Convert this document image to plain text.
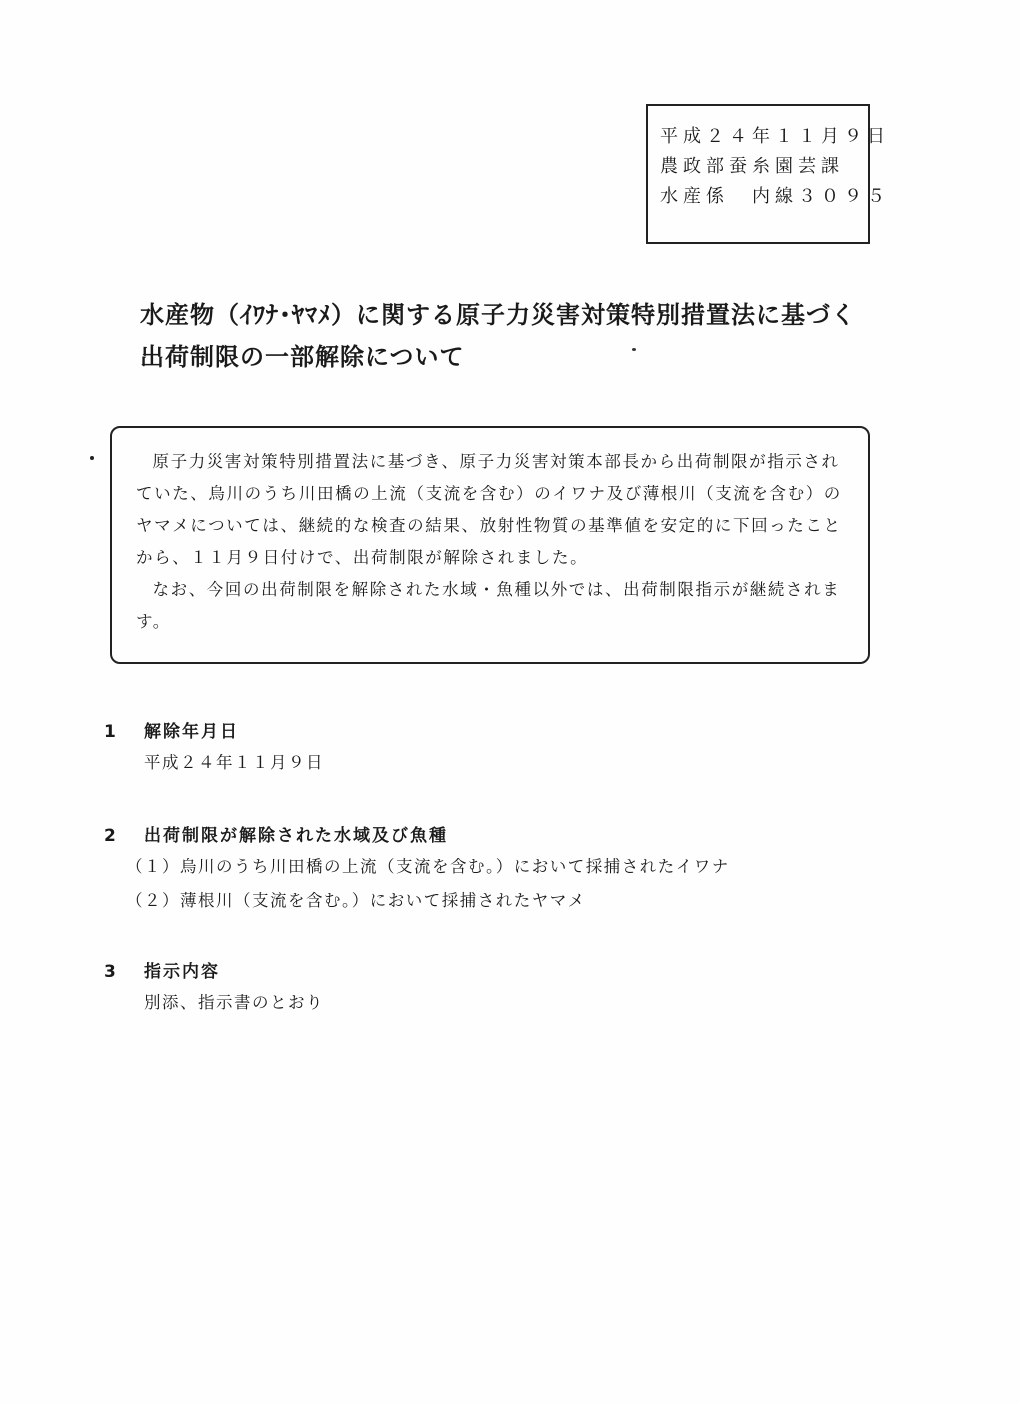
平成２４年１１月９日
農政部蚕糸園芸課
水産係　内線３０９５
水産物（ｲﾜﾅ･ﾔﾏﾒ）に関する原子力災害対策特別措置法に基づく
出荷制限の一部解除について

原子力災害対策特別措置法に基づき、原子力災害対策本部長から出荷制限が指示されていた、烏川のうち川田橋の上流（支流を含む）のイワナ及び薄根川（支流を含む）のヤマメについては、継続的な検査の結果、放射性物質の基準値を安定的に下回ったことから、１１月９日付けで、出荷制限が解除されました。

なお、今回の出荷制限を解除された水域・魚種以外では、出荷制限指示が継続されます。

1 解除年月日
平成２４年１１月９日
2 出荷制限が解除された水域及び魚種
（１）烏川のうち川田橋の上流（支流を含む。）において採捕されたイワナ
（２）薄根川（支流を含む。）において採捕されたヤマメ
3 指示内容
別添、指示書のとおり
